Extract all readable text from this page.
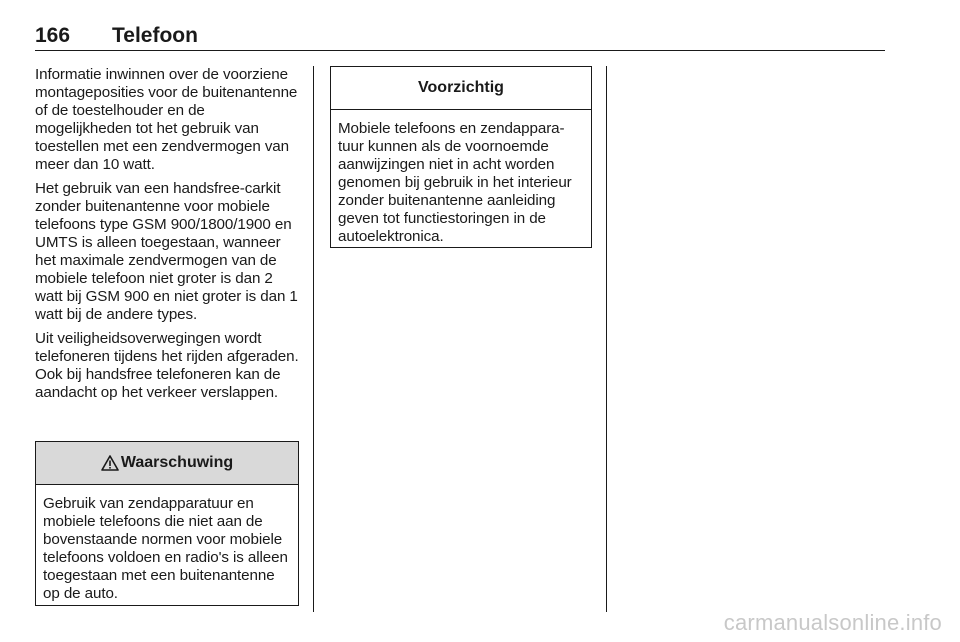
166 Telefoon

Informatie inwinnen over de voorziene montageposities voor de buitenantenne of de toestelhouder en de mogelijkheden tot het gebruik van toestellen met een zendvermogen van meer dan 10 watt.

Het gebruik van een handsfree-carkit zonder buitenantenne voor mobiele telefoons type GSM 900/1800/1900 en UMTS is alleen toegestaan, wanneer het maximale zendvermogen van de mobiele telefoon niet groter is dan 2 watt bij GSM 900 en niet groter is dan 1 watt bij de andere types.

Uit veiligheidsoverwegingen wordt telefoneren tijdens het rijden afgeraden. Ook bij handsfree telefoneren kan de aandacht op het verkeer verslappen.

Waarschuwing
Gebruik van zendapparatuur en mobiele telefoons die niet aan de bovenstaande normen voor mobiele telefoons voldoen en radio's is alleen toegestaan met een buitenantenne op de auto.
Voorzichtig
Mobiele telefoons en zendapparatuur kunnen als de voornoemde aanwijzingen niet in acht worden genomen bij gebruik in het interieur zonder buitenantenne aanleiding geven tot functiestoringen in de autoelektronica.
carmanualsonline.info
